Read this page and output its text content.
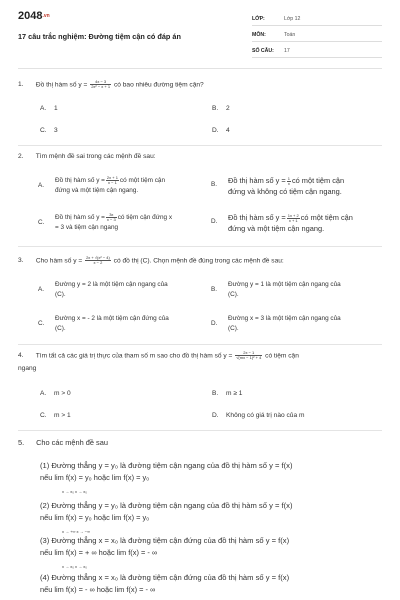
2048.vn
17 câu trắc nghiệm: Đường tiệm cận có đáp án
LỚP:	Lớp 12
MÔN:	Toán
SỐ CÂU: 17
1. Đồ thị hàm số $y = \frac{4x - 3}{\text{2x² − x + 1}}$ có bao nhiêu đường tiệm cận?
A. 1	B. 2
C. 3	D. 4
2. Tìm mệnh đề sai trong các mệnh đề sau:
A.
Đồ thị hàm số $y = \frac{2x + 1}{x - 1}$ có một tiệm cận
đứng và một tiệm cận ngang.
B. Đồ thị hàm số $y = \frac{1}{x}$ có một tiệm cận
đứng và không có tiệm cận ngang.
C.
Đồ thị hàm số $y = \frac{3x}{x - 3}$ có tiệm cận đứng x
= 3 và tiệm cận ngang
D. Đồ thị hàm số $y = \frac{1x + 2}{x + 1}$ có một tiệm cận
đứng và một tiệm cận ngang.
3. Cho hàm số $y = \frac{\text{2x + √(x² − 4)}}{x - 2}$ có đồ thị (C). Chọn mệnh đề đúng trong các mệnh đề sau:
A.
Đường y = 2 là một tiệm cận ngang của
(C).
B.
Đường y = 1 là một tiệm cận ngang của
(C).
C.
Đường x = - 2 là một tiệm cận đứng của
(C).
D.
Đường x = 3 là một tiệm cận ngang của
(C).
4. Tìm tất cả các giá trị thực của tham số m sao cho đồ thị hàm số $y = \frac{2x - 1}{\text{√(mx − 1)² + 4}}$ có tiệm cận
ngang
A. m > 0	B. m ≥ 1
C. m > 1	D. Không có giá trị nào của m
5. Cho các mệnh đề sau
(1) Đường thẳng y = y₀ là đường tiệm cận ngang của đồ thị hàm số y = f(x)
nếu lim f(x) = y₀ hoặc lim f(x) = y₀
$_{x \to x_0 x \to x_0}$
(2) Đường thẳng y = y₀ là đường tiệm cận ngang của đồ thị hàm số y = f(x)
nếu lim f(x) = y₀ hoặc lim f(x) = y₀
$_{x \to +\infty x \to -\infty}$
(3) Đường thẳng x = x₀ là đường tiệm cận đứng của đồ thị hàm số y = f(x)
nếu lim f(x) = + ∞ hoặc lim f(x) = - ∞
$_{x \to x_0 x \to x_0}$
(4) Đường thẳng x = x₀ là đường tiệm cận đứng của đồ thị hàm số y = f(x)
nếu lim f(x) = - ∞ hoặc lim f(x) = - ∞
